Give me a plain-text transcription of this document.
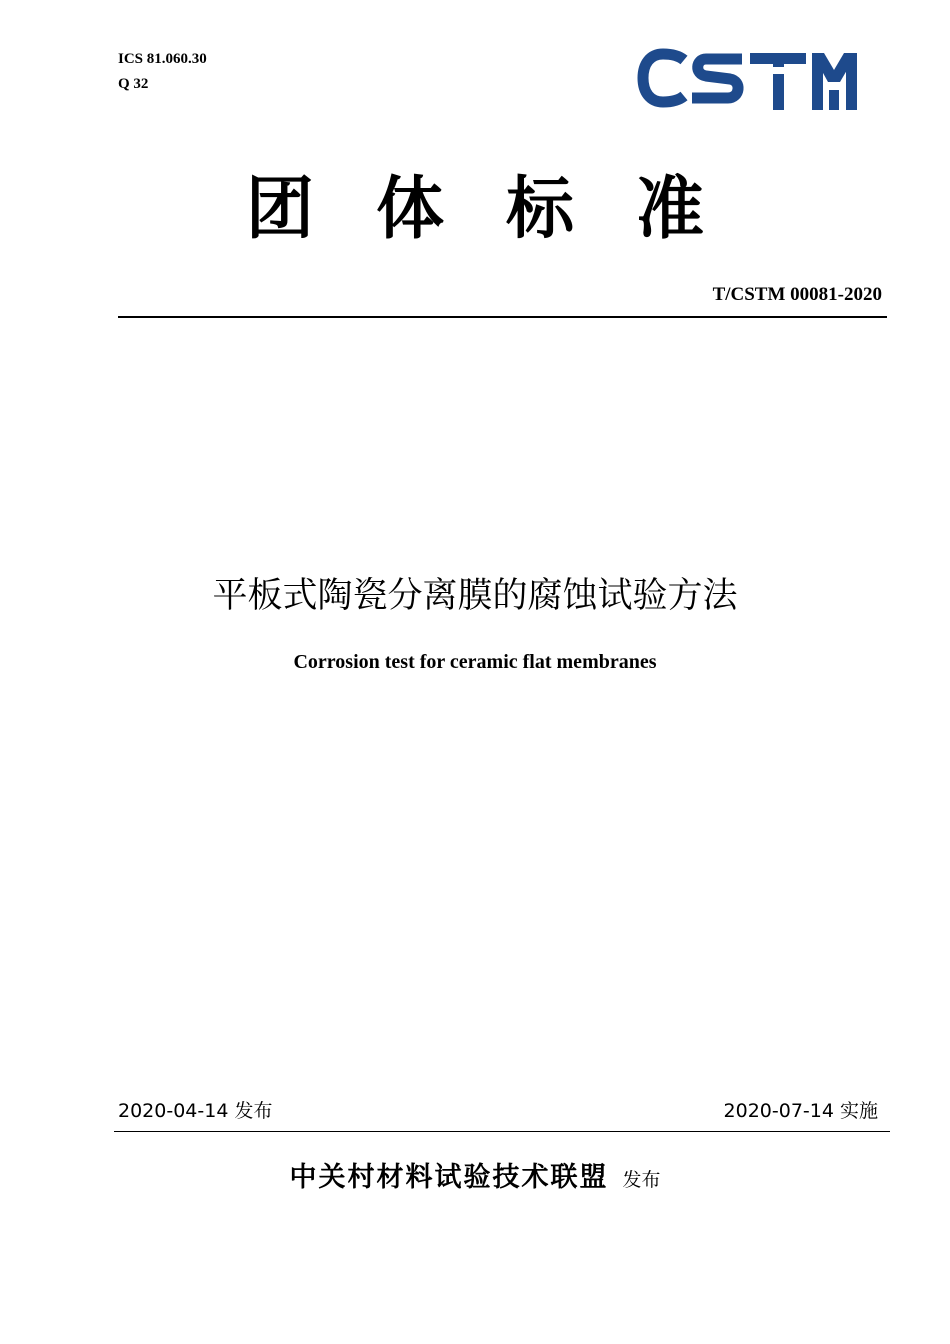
ICS 81.060.30
Q 32
团体标准
T/CSTM 00081-2020
平板式陶瓷分离膜的腐蚀试验方法
Corrosion test for ceramic flat membranes
2020-04-14 发布	2020-07-14 实施
中关村材料试验技术联盟 发布
